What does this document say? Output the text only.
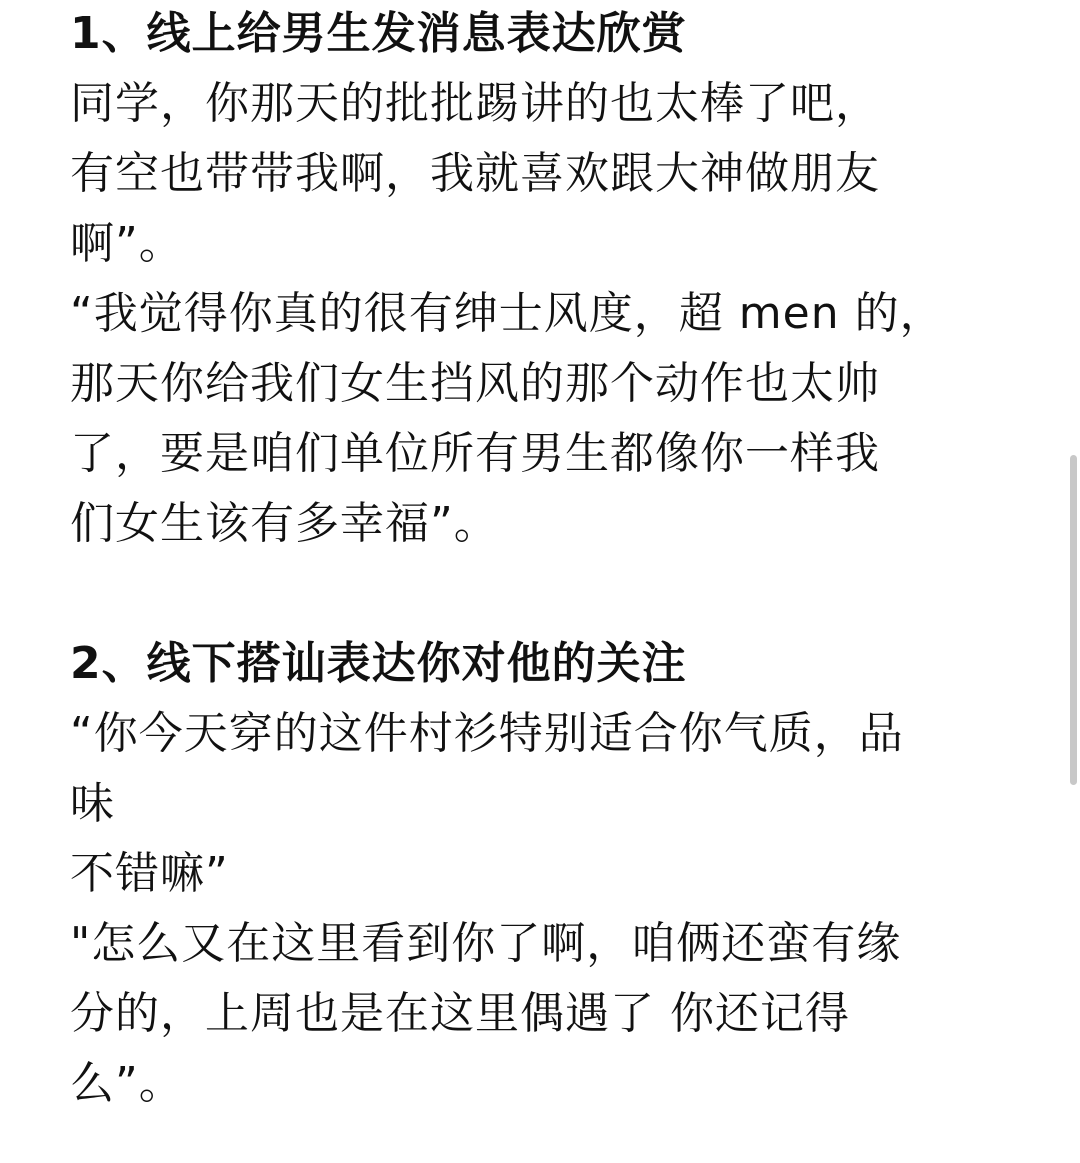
1、线上给男生发消息表达欣赏
同学，你那天的批批踢讲的也太棒了吧，
有空也带带我啊，我就喜欢跟大神做朋友
啊”。
“我觉得你真的很有绅士风度，超 men 的，
那天你给我们女生挡风的那个动作也太帅
了，要是咱们单位所有男生都像你一样我
们女生该有多幸福”。
2、线下搭讪表达你对他的关注
“你今天穿的这件村衫特别适合你气质，品
味
不错嘛”
"怎么又在这里看到你了啊，咱俩还蛮有缘
分的，上周也是在这里偶遇了 你还记得
么”。
